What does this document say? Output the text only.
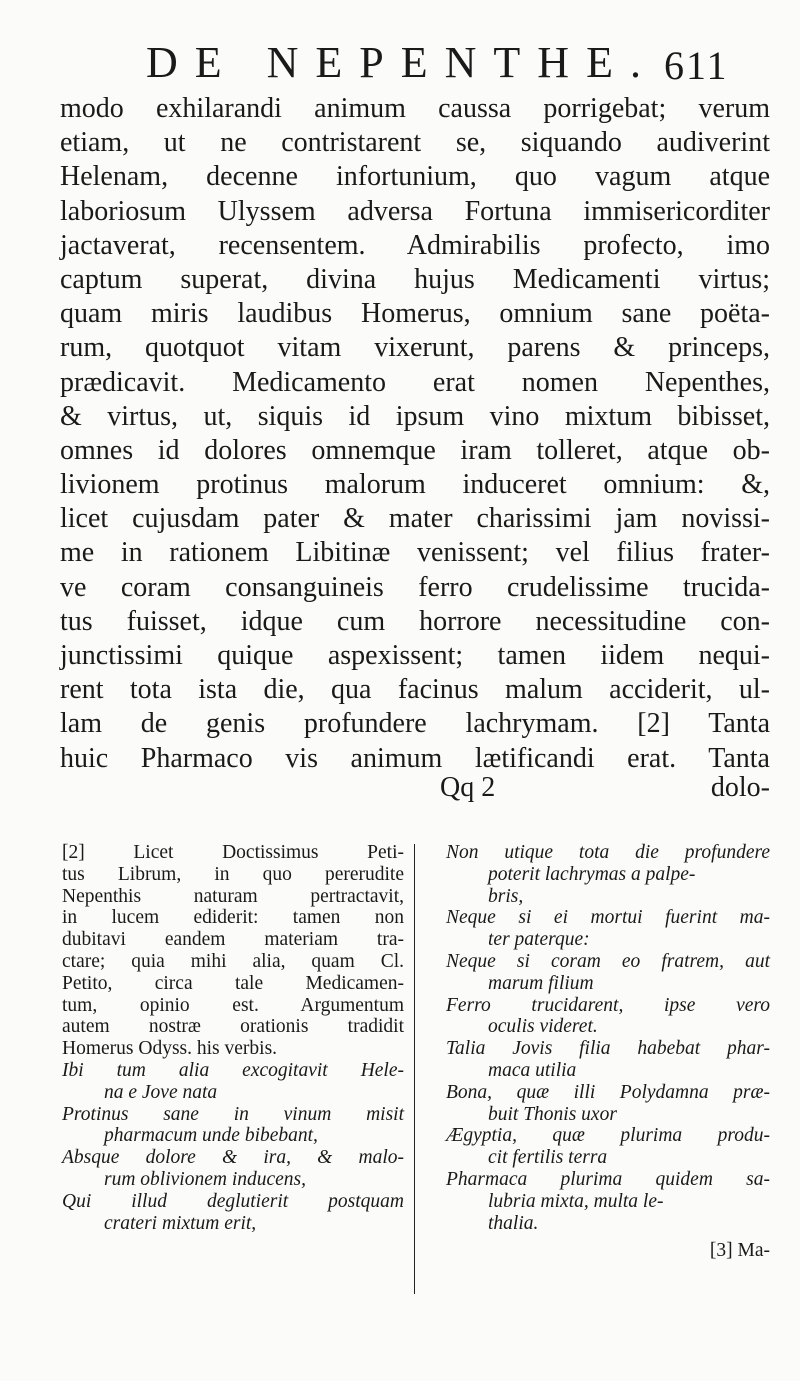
DE NEPENTHE. 611
modo exhilarandi animum caussa porrigebat; verum
etiam, ut ne contristarent se, siquando audiverint
Helenam, decenne infortunium, quo vagum atque
laboriosum Ulyssem adversa Fortuna immisericorditer
jactaverat, recensentem. Admirabilis profecto, imo
captum superat, divina hujus Medicamenti virtus;
quam miris laudibus Homerus, omnium sane poëta-
rum, quotquot vitam vixerunt, parens & princeps,
prædicavit. Medicamento erat nomen Nepenthes,
& virtus, ut, siquis id ipsum vino mixtum bibisset,
omnes id dolores omnemque iram tolleret, atque ob-
livionem protinus malorum induceret omnium: &,
licet cujusdam pater & mater charissimi jam novissi-
me in rationem Libitinæ venissent; vel filius frater-
ve coram consanguineis ferro crudelissime trucida-
tus fuisset, idque cum horrore necessitudine con-
junctissimi quique aspexissent; tamen iidem nequi-
rent tota ista die, qua facinus malum acciderit, ul-
lam de genis profundere lachrymam. [2] Tanta
huic Pharmaco vis animum lætificandi erat. Tanta
Qq 2	dolo-
[2] Licet Doctissimus Peti-
tus Librum, in quo pererudite
Nepenthis naturam pertractavit,
in lucem ediderit: tamen non
dubitavi eandem materiam tra-
ctare; quia mihi alia, quam Cl.
Petito, circa tale Medicamen-
tum, opinio est. Argumentum
autem nostræ orationis tradidit
Homerus Odyss. his verbis.
Ibi tum alia excogitavit Hele-
na e Jove nata
Protinus sane in vinum misit
pharmacum unde bibebant,
Absque dolore & ira, & malo-
rum oblivionem inducens,
Qui illud deglutierit postquam
crateri mixtum erit,
Non utique tota die profundere
poterit lachrymas a palpe-
bris,
Neque si ei mortui fuerint ma-
ter paterque:
Neque si coram eo fratrem, aut
marum filium
Ferro trucidarent, ipse vero
oculis videret.
Talia Jovis filia habebat phar-
maca utilia
Bona, quæ illi Polydamna præ-
buit Thonis uxor
Ægyptia, quæ plurima produ-
cit fertilis terra
Pharmaca plurima quidem sa-
lubria mixta, multa le-
thalia.
[3] Ma-
